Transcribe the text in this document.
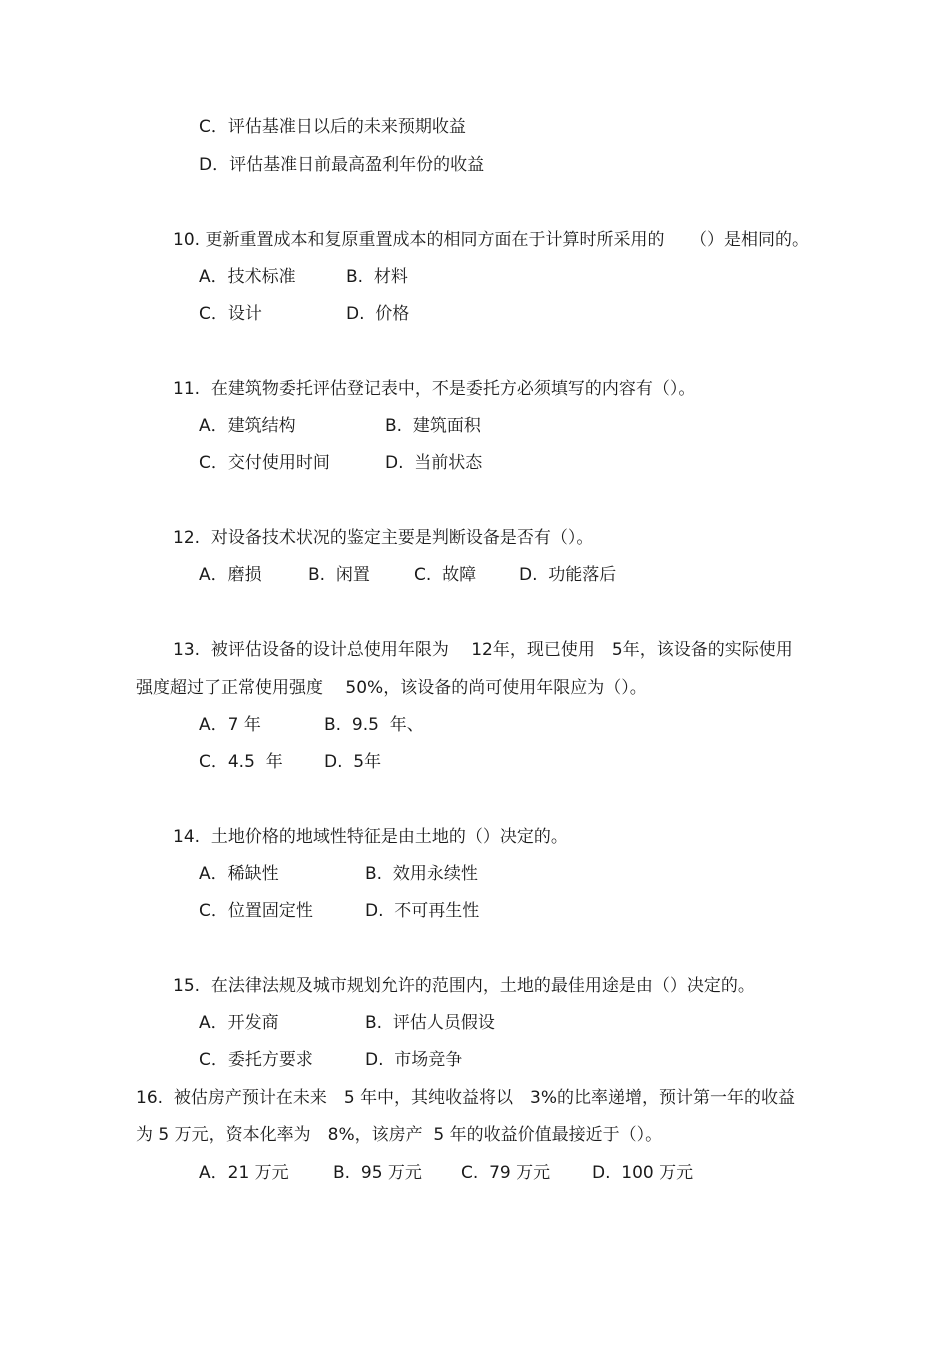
C．评估基准日以后的未来预期收益
D．评估基准日前最高盈利年份的收益
10. 更新重置成本和复原重置成本的相同方面在于计算时所采用的　　（）是相同的。
A．技术标准	B.  材料
C．设计	D.  价格
11.  在建筑物委托评估登记表中，不是委托方必须填写的内容有（）。
A．建筑结构	B.  建筑面积
C．交付使用时间	D.  当前状态
12.  对设备技术状况的鉴定主要是判断设备是否有（）。
A．磨损	B.  闲置	C.  故障	D.  功能落后
13.  被评估设备的设计总使用年限为　 12年，现已使用　5年，该设备的实际使用
强度超过了正常使用强度　 50%，该设备的尚可使用年限应为（）。
A．7 年	B.  9.5  年、
C．4.5  年 D.  5年
14.  土地价格的地域性特征是由土地的（）决定的。
A．稀缺性	B.  效用永续性
C．位置固定性	D.  不可再生性
15.  在法律法规及城市规划允许的范围内，土地的最佳用途是由（）决定的。
A．开发商	B.  评估人员假设
C．委托方要求	D.  市场竞争
16.  被估房产预计在未来　5 年中，其纯收益将以　3%的比率递增，预计第一年的收益
为 5 万元，资本化率为　8%，该房产  5 年的收益价值最接近于（）。
A．21 万元	B.  95 万元 C.  79 万元 D.  100 万元
